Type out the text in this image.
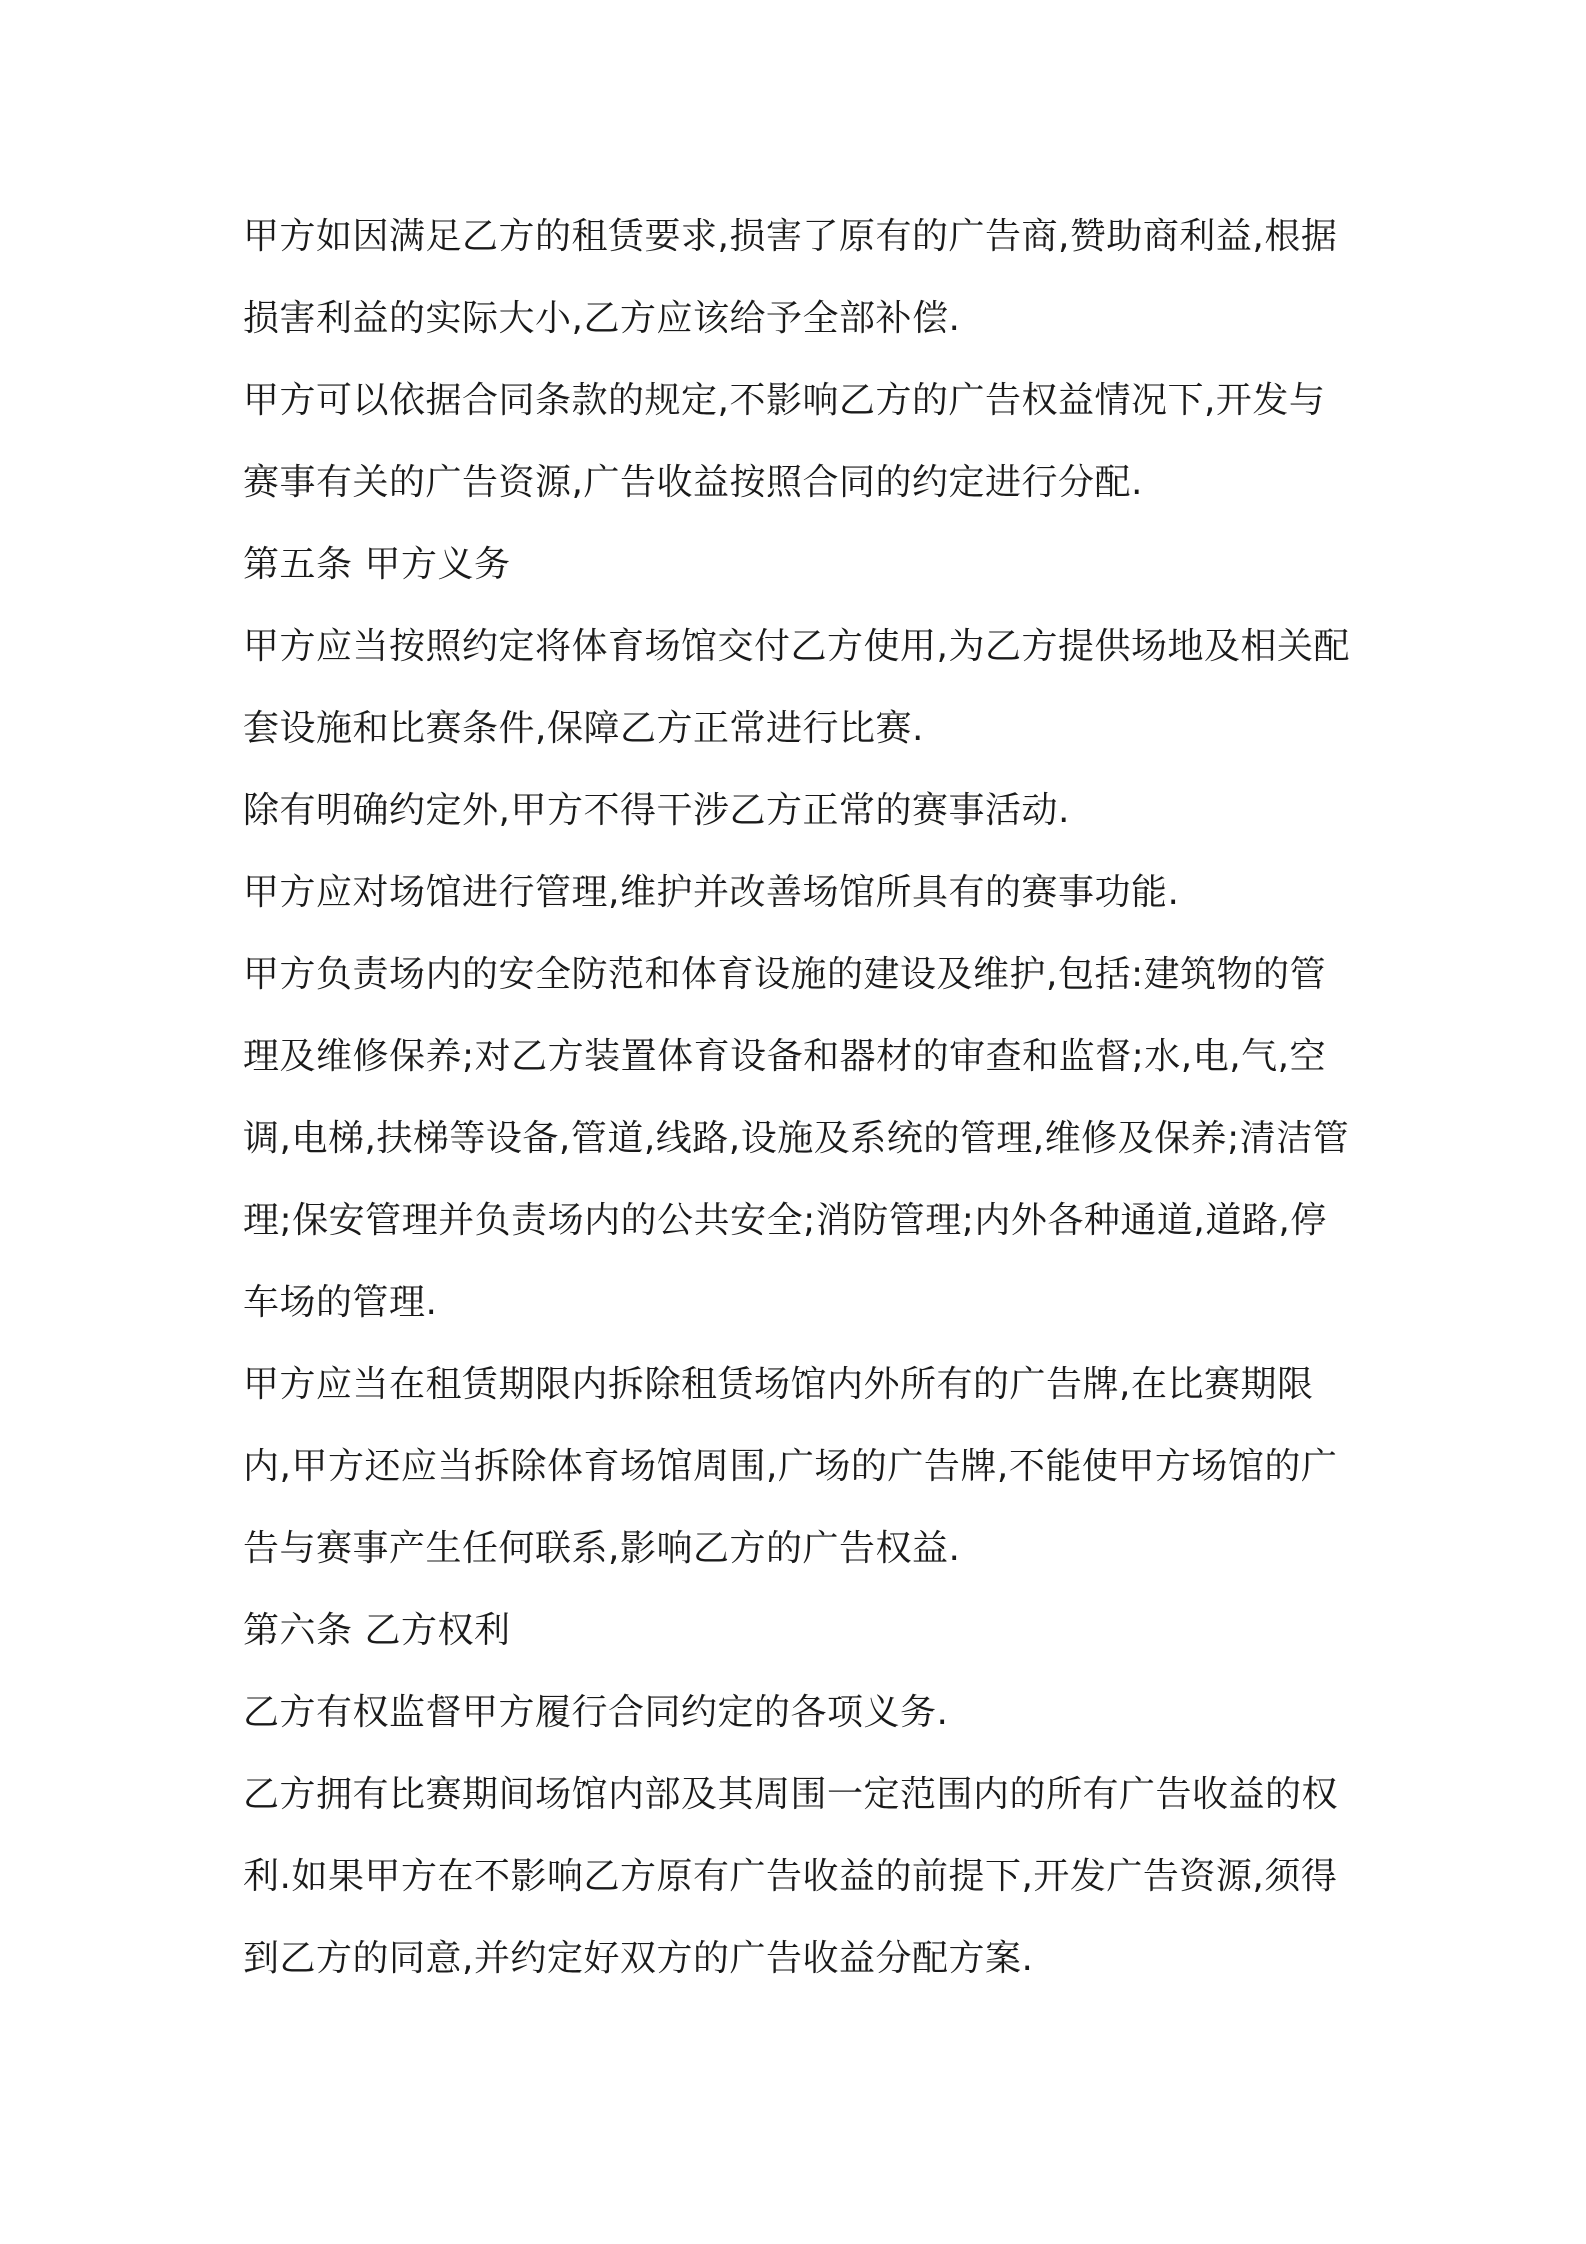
甲方如因满足乙方的租赁要求,损害了原有的广告商,赞助商利益,根据损害利益的实际大小,乙方应该给予全部补偿.

甲方可以依据合同条款的规定,不影响乙方的广告权益情况下,开发与赛事有关的广告资源,广告收益按照合同的约定进行分配.

第五条 甲方义务

甲方应当按照约定将体育场馆交付乙方使用,为乙方提供场地及相关配套设施和比赛条件,保障乙方正常进行比赛.

除有明确约定外,甲方不得干涉乙方正常的赛事活动.

甲方应对场馆进行管理,维护并改善场馆所具有的赛事功能.

甲方负责场内的安全防范和体育设施的建设及维护,包括:建筑物的管理及维修保养;对乙方装置体育设备和器材的审查和监督;水,电,气,空调,电梯,扶梯等设备,管道,线路,设施及系统的管理,维修及保养;清洁管理;保安管理并负责场内的公共安全;消防管理;内外各种通道,道路,停车场的管理.

甲方应当在租赁期限内拆除租赁场馆内外所有的广告牌,在比赛期限内,甲方还应当拆除体育场馆周围,广场的广告牌,不能使甲方场馆的广告与赛事产生任何联系,影响乙方的广告权益.

第六条 乙方权利

乙方有权监督甲方履行合同约定的各项义务.

乙方拥有比赛期间场馆内部及其周围一定范围内的所有广告收益的权利.如果甲方在不影响乙方原有广告收益的前提下,开发广告资源,须得到乙方的同意,并约定好双方的广告收益分配方案.
